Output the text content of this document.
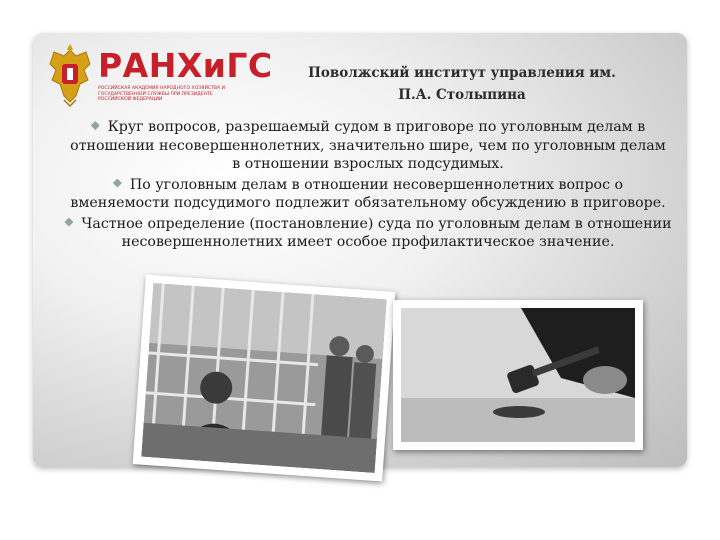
РАНХиГС
РОССИЙСКАЯ АКАДЕМИЯ НАРОДНОГО ХОЗЯЙСТВА И ГОСУДАРСТВЕННОЙ СЛУЖБЫ ПРИ ПРЕЗИДЕНТЕ РОССИЙСКОЙ ФЕДЕРАЦИИ
Поволжский институт управления им.
П.А. Столыпина
Круг вопросов, разрешаемый судом в приговоре по уголовным делам в
отношении несовершеннолетних, значительно шире, чем по уголовным делам
в отношении взрослых подсудимых.
По уголовным делам в отношении несовершеннолетних вопрос о
вменяемости подсудимого подлежит обязательному обсуждению в приговоре.
Частное определение (постановление) суда по уголовным делам в отношении
несовершеннолетних имеет особое профилактическое значение.
